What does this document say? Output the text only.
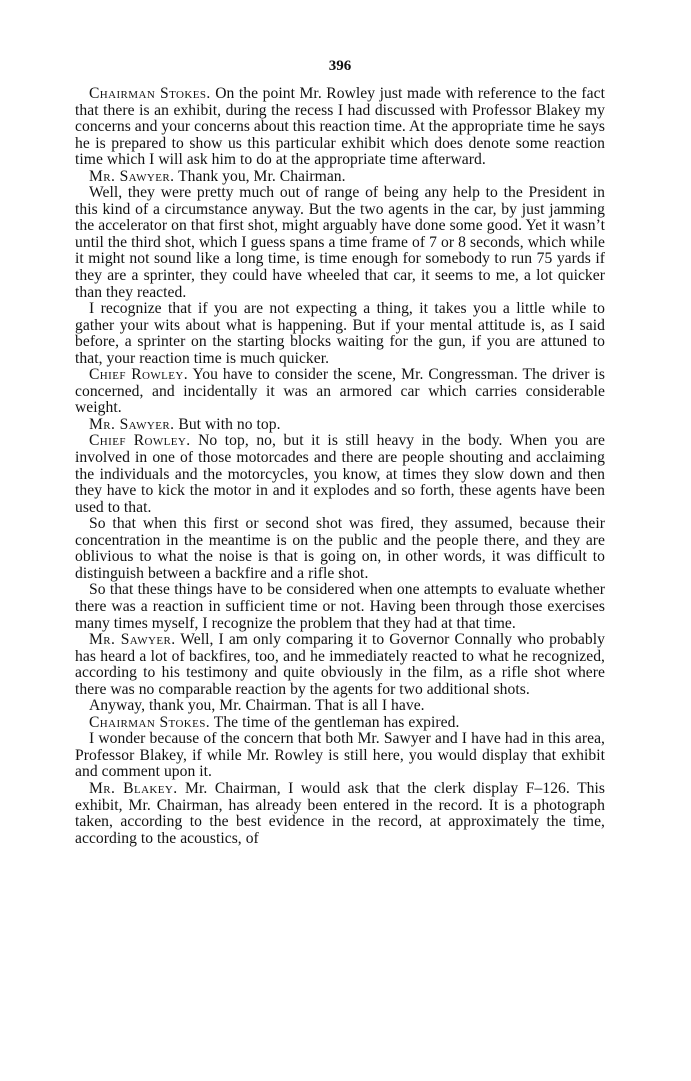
396

Chairman Stokes. On the point Mr. Rowley just made with reference to the fact that there is an exhibit, during the recess I had discussed with Professor Blakey my concerns and your concerns about this reaction time. At the appropriate time he says he is prepared to show us this particular exhibit which does denote some reaction time which I will ask him to do at the appropriate time afterward.

Mr. Sawyer. Thank you, Mr. Chairman.

Well, they were pretty much out of range of being any help to the President in this kind of a circumstance anyway. But the two agents in the car, by just jamming the accelerator on that first shot, might arguably have done some good. Yet it wasn’t until the third shot, which I guess spans a time frame of 7 or 8 seconds, which while it might not sound like a long time, is time enough for somebody to run 75 yards if they are a sprinter, they could have wheeled that car, it seems to me, a lot quicker than they reacted.

I recognize that if you are not expecting a thing, it takes you a little while to gather your wits about what is happening. But if your mental attitude is, as I said before, a sprinter on the starting blocks waiting for the gun, if you are attuned to that, your reaction time is much quicker.

Chief Rowley. You have to consider the scene, Mr. Congressman. The driver is concerned, and incidentally it was an armored car which carries considerable weight.

Mr. Sawyer. But with no top.

Chief Rowley. No top, no, but it is still heavy in the body. When you are involved in one of those motorcades and there are people shouting and acclaiming the individuals and the motorcycles, you know, at times they slow down and then they have to kick the motor in and it explodes and so forth, these agents have been used to that.

So that when this first or second shot was fired, they assumed, because their concentration in the meantime is on the public and the people there, and they are oblivious to what the noise is that is going on, in other words, it was difficult to distinguish between a backfire and a rifle shot.

So that these things have to be considered when one attempts to evaluate whether there was a reaction in sufficient time or not. Having been through those exercises many times myself, I recognize the problem that they had at that time.

Mr. Sawyer. Well, I am only comparing it to Governor Connally who probably has heard a lot of backfires, too, and he immediately reacted to what he recognized, according to his testimony and quite obviously in the film, as a rifle shot where there was no comparable reaction by the agents for two additional shots.

Anyway, thank you, Mr. Chairman. That is all I have.

Chairman Stokes. The time of the gentleman has expired.

I wonder because of the concern that both Mr. Sawyer and I have had in this area, Professor Blakey, if while Mr. Rowley is still here, you would display that exhibit and comment upon it.

Mr. Blakey. Mr. Chairman, I would ask that the clerk display F–126. This exhibit, Mr. Chairman, has already been entered in the record. It is a photograph taken, according to the best evidence in the record, at approximately the time, according to the acoustics, of
